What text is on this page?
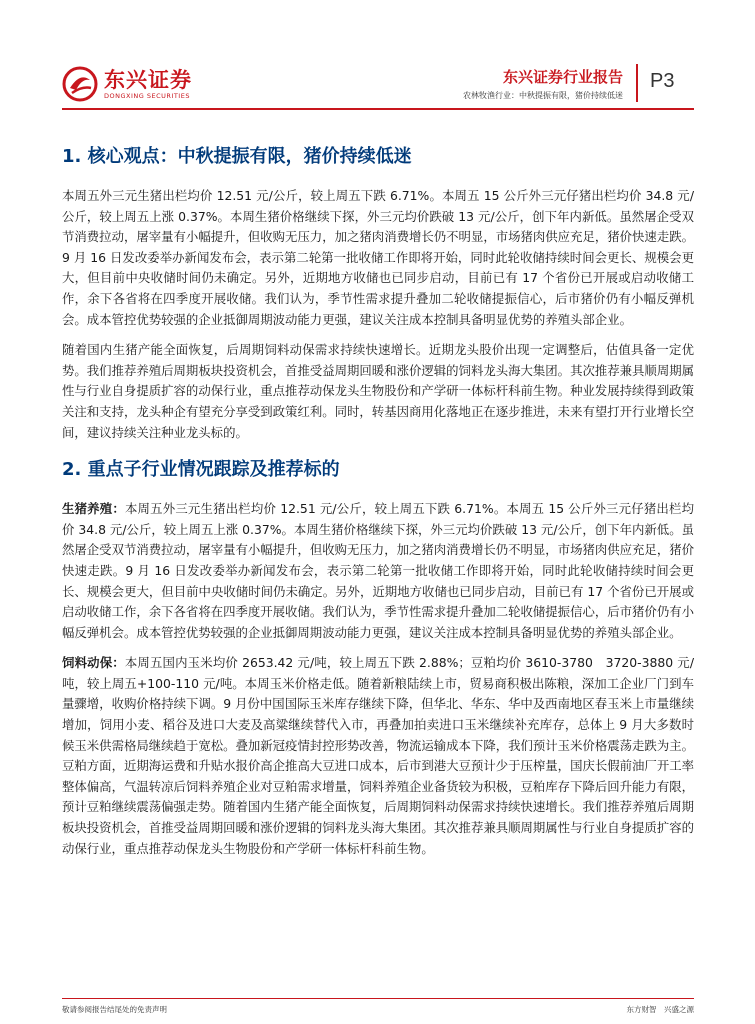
东兴证券
DONGXING SECURITIES
东兴证券行业报告
农林牧渔行业：中秋提振有限，猪价持续低迷
P3
1. 核心观点：中秋提振有限，猪价持续低迷

本周五外三元生猪出栏均价 12.51 元/公斤，较上周五下跌 6.71%。本周五 15 公斤外三元仔猪出栏均价 34.8 元/公斤，较上周五上涨 0.37%。本周生猪价格继续下探，外三元均价跌破 13 元/公斤，创下年内新低。虽然屠企受双节消费拉动，屠宰量有小幅提升，但收购无压力，加之猪肉消费增长仍不明显，市场猪肉供应充足，猪价快速走跌。9 月 16 日发改委举办新闻发布会，表示第二轮第一批收储工作即将开始，同时此轮收储持续时间会更长、规模会更大，但目前中央收储时间仍未确定。另外，近期地方收储也已同步启动，目前已有 17 个省份已开展或启动收储工作，余下各省将在四季度开展收储。我们认为，季节性需求提升叠加二轮收储提振信心，后市猪价仍有小幅反弹机会。成本管控优势较强的企业抵御周期波动能力更强，建议关注成本控制具备明显优势的养殖头部企业。

随着国内生猪产能全面恢复，后周期饲料动保需求持续快速增长。近期龙头股价出现一定调整后，估值具备一定优势。我们推荐养殖后周期板块投资机会，首推受益周期回暖和涨价逻辑的饲料龙头海大集团。其次推荐兼具顺周期属性与行业自身提质扩容的动保行业，重点推荐动保龙头生物股份和产学研一体标杆科前生物。种业发展持续得到政策关注和支持，龙头种企有望充分享受到政策红利。同时，转基因商用化落地正在逐步推进，未来有望打开行业增长空间，建议持续关注种业龙头标的。

2. 重点子行业情况跟踪及推荐标的

生猪养殖：本周五外三元生猪出栏均价 12.51 元/公斤，较上周五下跌 6.71%。本周五 15 公斤外三元仔猪出栏均价 34.8 元/公斤，较上周五上涨 0.37%。本周生猪价格继续下探，外三元均价跌破 13 元/公斤，创下年内新低。虽然屠企受双节消费拉动，屠宰量有小幅提升，但收购无压力，加之猪肉消费增长仍不明显，市场猪肉供应充足，猪价快速走跌。9 月 16 日发改委举办新闻发布会，表示第二轮第一批收储工作即将开始，同时此轮收储持续时间会更长、规模会更大，但目前中央收储时间仍未确定。另外，近期地方收储也已同步启动，目前已有 17 个省份已开展或启动收储工作，余下各省将在四季度开展收储。我们认为，季节性需求提升叠加二轮收储提振信心，后市猪价仍有小幅反弹机会。成本管控优势较强的企业抵御周期波动能力更强，建议关注成本控制具备明显优势的养殖头部企业。

饲料动保：本周五国内玉米均价 2653.42 元/吨，较上周五下跌 2.88%；豆粕均价 3610-3780　3720-3880 元/吨，较上周五+100-110 元/吨。本周玉米价格走低。随着新粮陆续上市，贸易商积极出陈粮，深加工企业厂门到车量骤增，收购价格持续下调。9 月份中国国际玉米库存继续下降，但华北、华东、华中及西南地区春玉米上市量继续增加，饲用小麦、稻谷及进口大麦及高粱继续替代入市，再叠加拍卖进口玉米继续补充库存，总体上 9 月大多数时候玉米供需格局继续趋于宽松。叠加新冠疫情封控形势改善，物流运输成本下降，我们预计玉米价格震荡走跌为主。豆粕方面，近期海运费和升贴水报价高企推高大豆进口成本，后市到港大豆预计少于压榨量，国庆长假前油厂开工率整体偏高，气温转凉后饲料养殖企业对豆粕需求增量，饲料养殖企业备货较为积极，豆粕库存下降后回升能力有限，预计豆粕继续震荡偏强走势。随着国内生猪产能全面恢复，后周期饲料动保需求持续快速增长。我们推荐养殖后周期板块投资机会，首推受益周期回暖和涨价逻辑的饲料龙头海大集团。其次推荐兼具顺周期属性与行业自身提质扩容的动保行业，重点推荐动保龙头生物股份和产学研一体标杆科前生物。

敬请参阅报告结尾处的免责声明	东方财智　兴盛之源
